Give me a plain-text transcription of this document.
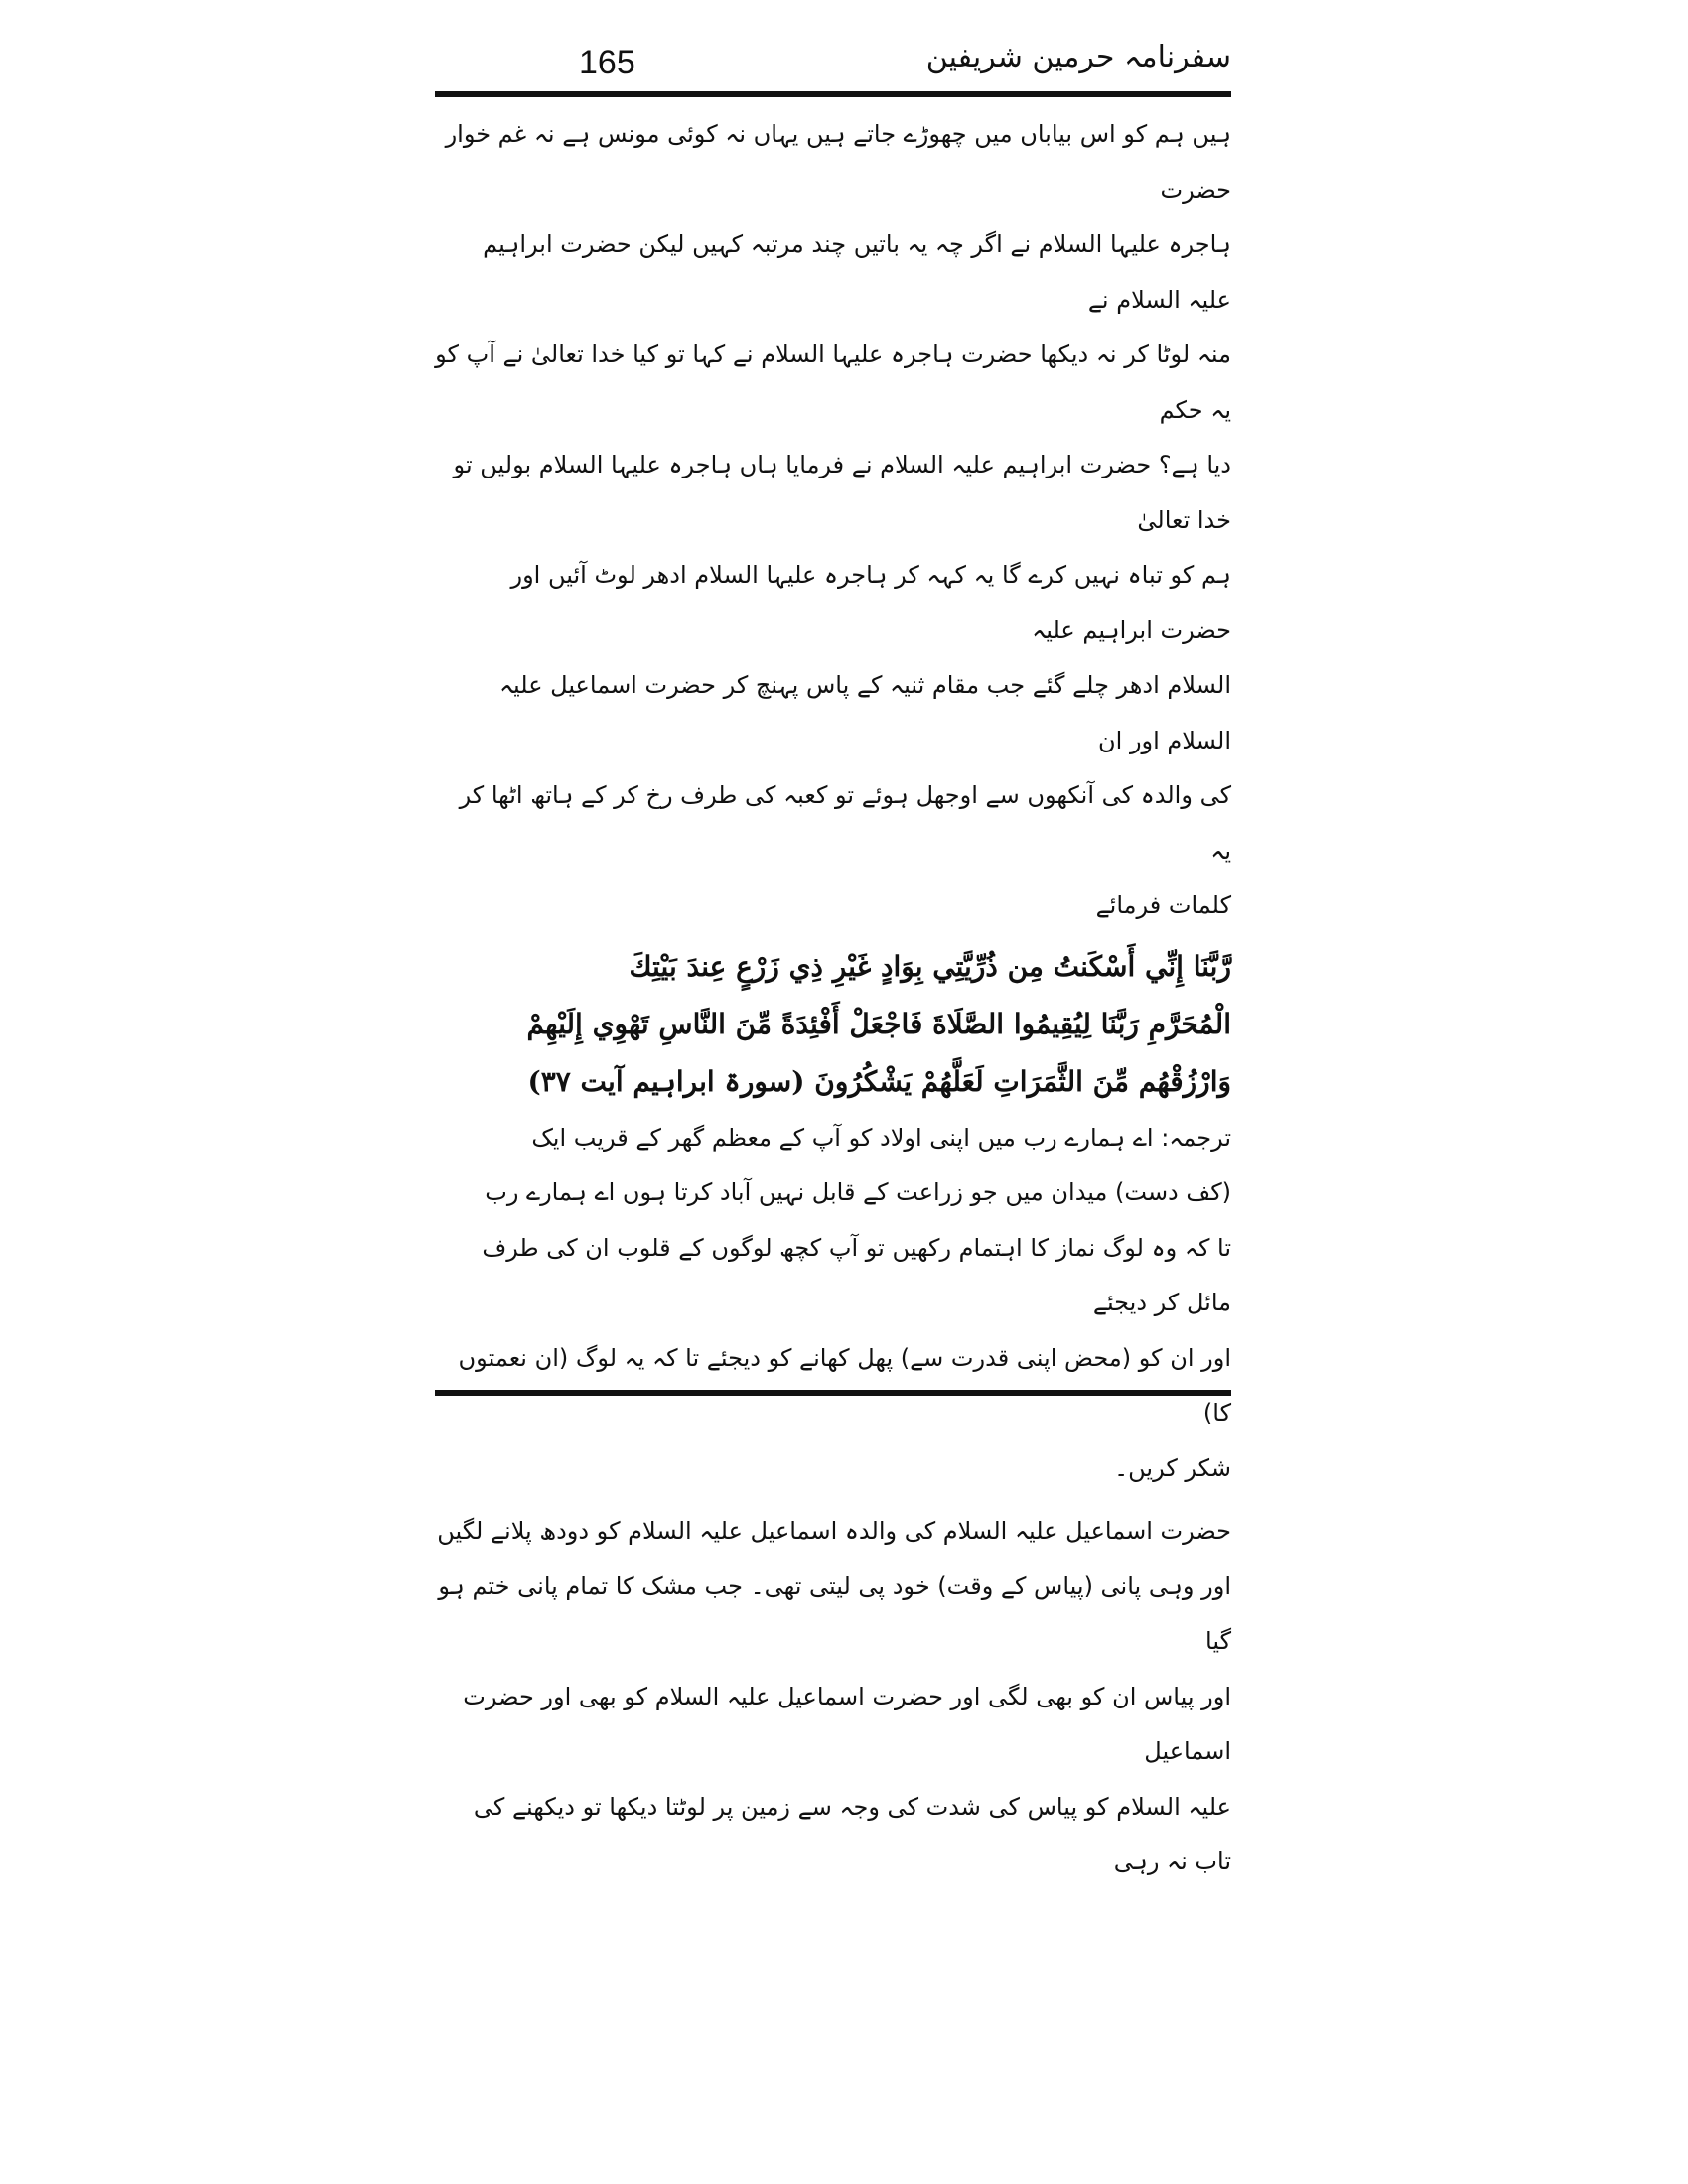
165	سفرنامہ حرمین شریفین

ہیں ہم کو اس بیاباں میں چھوڑے جاتے ہیں یہاں نہ کوئی مونس ہے نہ غم خوار حضرت

ہاجرہ علیہا السلام نے اگر چہ یہ باتیں چند مرتبہ کہیں لیکن حضرت ابراہیم علیہ السلام نے

منہ لوٹا کر نہ دیکھا حضرت ہاجرہ علیہا السلام نے کہا تو کیا خدا تعالیٰ نے آپ کو یہ حکم

دیا ہے؟ حضرت ابراہیم علیہ السلام نے فرمایا ہاں ہاجرہ علیہا السلام بولیں تو خدا تعالیٰ

ہم کو تباہ نہیں کرے گا یہ کہہ کر ہاجرہ علیہا السلام ادھر لوٹ آئیں اور حضرت ابراہیم علیہ

السلام ادھر چلے گئے جب مقام ثنیہ کے پاس پہنچ کر حضرت اسماعیل علیہ السلام اور ان

کی والدہ کی آنکھوں سے اوجھل ہوئے تو کعبہ کی طرف رخ کر کے ہاتھ اٹھا کر یہ

کلمات فرمائے

رَّبَّنَا إِنِّي أَسْكَنتُ مِن ذُرِّيَّتِي بِوَادٍ غَيْرِ ذِي زَرْعٍ عِندَ بَيْتِكَ

الْمُحَرَّمِ رَبَّنَا لِيُقِيمُوا الصَّلَاةَ فَاجْعَلْ أَفْئِدَةً مِّنَ النَّاسِ تَهْوِي إِلَيْهِمْ

وَارْزُقْهُم مِّنَ الثَّمَرَاتِ لَعَلَّهُمْ يَشْكُرُونَ (سورۃ ابراہیم آیت ۳۷)

ترجمہ: اے ہمارے رب میں اپنی اولاد کو آپ کے معظم گھر کے قریب ایک

(کف دست) میدان میں جو زراعت کے قابل نہیں آباد کرتا ہوں اے ہمارے رب

تا کہ وہ لوگ نماز کا اہتمام رکھیں تو آپ کچھ لوگوں کے قلوب ان کی طرف مائل کر دیجئے

اور ان کو (محض اپنی قدرت سے) پھل کھانے کو دیجئے تا کہ یہ لوگ (ان نعمتوں کا)

شکر کریں۔

حضرت اسماعیل علیہ السلام کی والدہ اسماعیل علیہ السلام کو دودھ پلانے لگیں

اور وہی پانی (پیاس کے وقت) خود پی لیتی تھی۔ جب مشک کا تمام پانی ختم ہو گیا

اور پیاس ان کو بھی لگی اور حضرت اسماعیل علیہ السلام کو بھی اور حضرت اسماعیل

علیہ السلام کو پیاس کی شدت کی وجہ سے زمین پر لوٹتا دیکھا تو دیکھنے کی تاب نہ رہی
